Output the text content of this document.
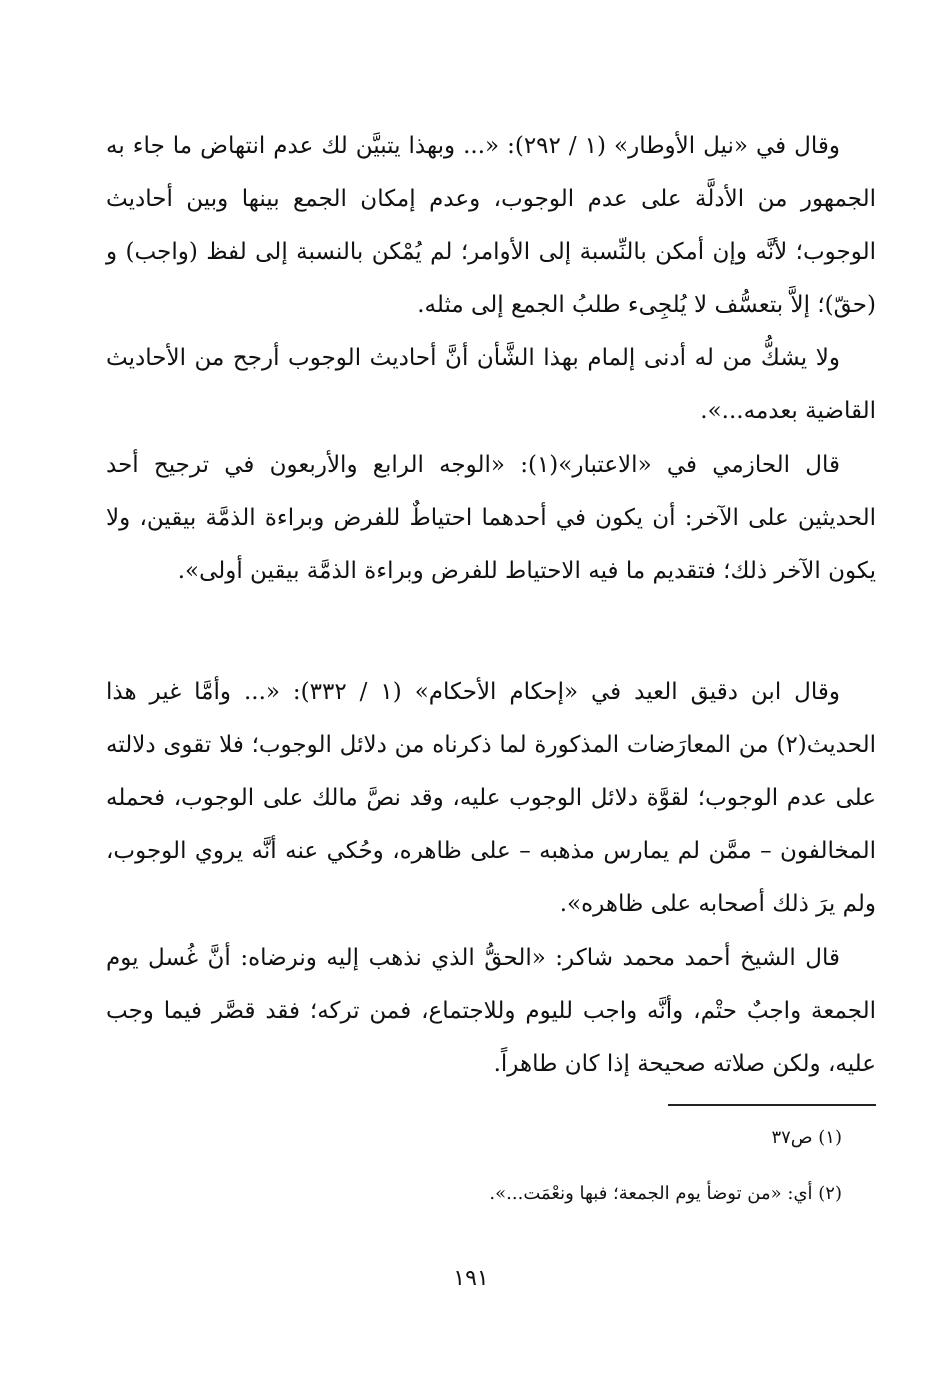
وقال في «نيل الأوطار» (١ / ٢٩٢): «... وبهذا يتبيَّن لك عدم انتهاض ما جاء به الجمهور من الأدلَّة على عدم الوجوب، وعدم إمكان الجمع بينها وبين أحاديث الوجوب؛ لأنَّه وإن أمكن بالنِّسبة إلى الأوامر؛ لم يُمْكن بالنسبة إلى لفظ (واجب) و (حقّ)؛ إلاَّ بتعسُّف لا يُلجِىء طلبُ الجمع إلى مثله.

ولا يشكُّ من له أدنى إلمام بهذا الشَّأن أنَّ أحاديث الوجوب أرجح من الأحاديث القاضية بعدمه...».

قال الحازمي في «الاعتبار»(١): «الوجه الرابع والأربعون في ترجيح أحد الحديثين على الآخر: أن يكون في أحدهما احتياطٌ للفرض وبراءة الذمَّة بيقين، ولا يكون الآخر ذلك؛ فتقديم ما فيه الاحتياط للفرض وبراءة الذمَّة بيقين أولى».

وقال ابن دقيق العيد في «إحكام الأحكام» (١ / ٣٣٢): «... وأمَّا غير هذا الحديث(٢) من المعارَضات المذكورة لما ذكرناه من دلائل الوجوب؛ فلا تقوى دلالته على عدم الوجوب؛ لقوَّة دلائل الوجوب عليه، وقد نصَّ مالك على الوجوب، فحمله المخالفون – ممَّن لم يمارس مذهبه – على ظاهره، وحُكي عنه أنَّه يروي الوجوب، ولم يرَ ذلك أصحابه على ظاهره».

قال الشيخ أحمد محمد شاكر: «الحقُّ الذي نذهب إليه ونرضاه: أنَّ غُسل يوم الجمعة واجبٌ حتْم، وأنَّه واجب لليوم وللاجتماع، فمن تركه؛ فقد قصَّر فيما وجب عليه، ولكن صلاته صحيحة إذا كان طاهراً.

(١) ص٣٧

(٢) أي: «من توضأ يوم الجمعة؛ فبها ونعْمَت...».

١٩١
